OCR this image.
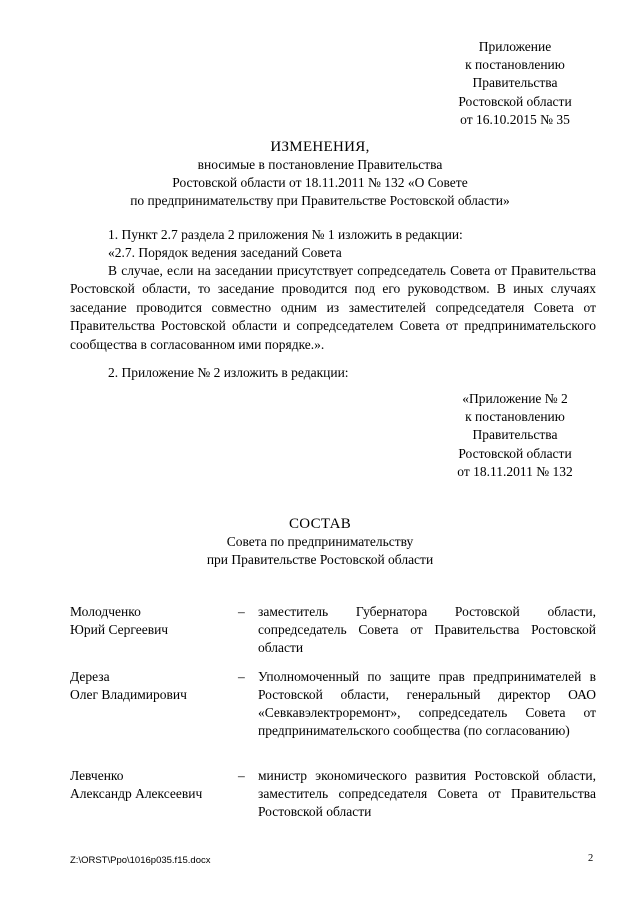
Приложение
к постановлению
Правительства
Ростовской области
от 16.10.2015 № 35
ИЗМЕНЕНИЯ,
вносимые в постановление Правительства
Ростовской области от 18.11.2011 № 132 «О Совете
по предпринимательству при Правительстве Ростовской области»
1. Пункт 2.7 раздела 2 приложения № 1 изложить в редакции:
«2.7. Порядок ведения заседаний Совета
В случае, если на заседании присутствует сопредседатель Совета от Правительства Ростовской области, то заседание проводится под его руководством. В иных случаях заседание проводится совместно одним из заместителей сопредседателя Совета от Правительства Ростовской области и сопредседателем Совета от предпринимательского сообщества в согласованном ими порядке.».
2. Приложение № 2 изложить в редакции:
«Приложение № 2
к постановлению
Правительства
Ростовской области
от 18.11.2011 № 132
СОСТАВ
Совета по предпринимательству
при Правительстве Ростовской области
Молодченко
Юрий Сергеевич
– заместитель Губернатора Ростовской области, сопредседатель Совета от Правительства Ростовской области
Дереза
Олег Владимирович
– Уполномоченный по защите прав предпринимателей в Ростовской области, генеральный директор ОАО «Севкавэлектроремонт», сопредседатель Совета от предпринимательского сообщества (по согласованию)
Левченко
Александр Алексеевич
– министр экономического развития Ростовской области, заместитель сопредседателя Совета от Правительства Ростовской области
Z:\ORST\Ppo\1016p035.f15.docx	2
